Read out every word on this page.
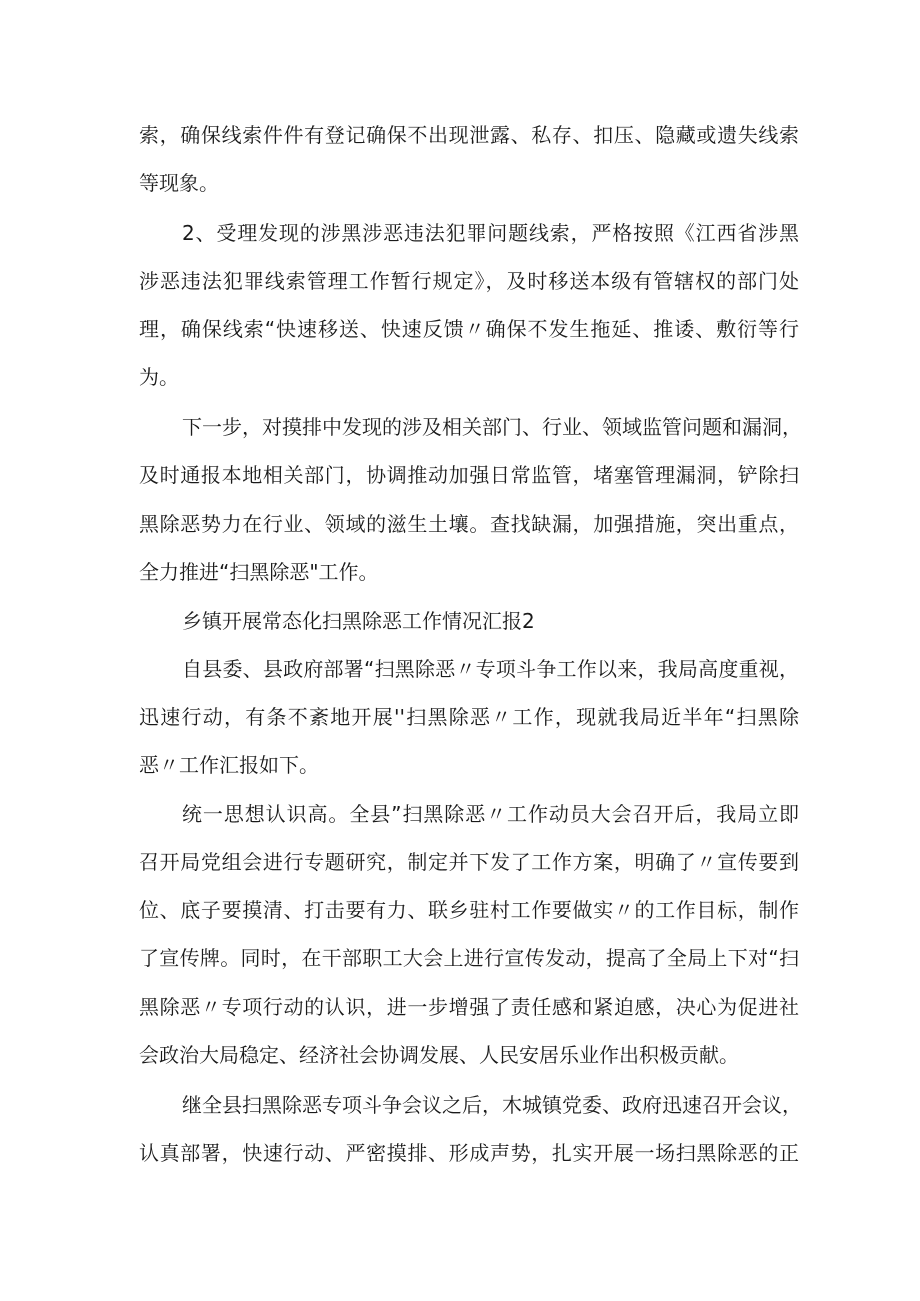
索，确保线索件件有登记确保不出现泄露、私存、扣压、隐藏或遗失线索
等现象。
2、受理发现的涉黑涉恶违法犯罪问题线索，严格按照《江西省涉黑
涉恶违法犯罪线索管理工作暂行规定》，及时移送本级有管辖权的部门处
理，确保线索“快速移送、快速反馈〃确保不发生拖延、推诿、敷衍等行
为。
下一步，对摸排中发现的涉及相关部门、行业、领域监管问题和漏洞，
及时通报本地相关部门，协调推动加强日常监管，堵塞管理漏洞，铲除扫
黑除恶势力在行业、领域的滋生土壤。查找缺漏，加强措施，突出重点，
全力推进“扫黑除恶"工作。
乡镇开展常态化扫黑除恶工作情况汇报2
自县委、县政府部署“扫黑除恶〃专项斗争工作以来，我局高度重视，
迅速行动，有条不紊地开展''扫黑除恶〃工作，现就我局近半年“扫黑除
恶〃工作汇报如下。
统一思想认识高。全县”扫黑除恶〃工作动员大会召开后，我局立即
召开局党组会进行专题研究，制定并下发了工作方案，明确了〃宣传要到
位、底子要摸清、打击要有力、联乡驻村工作要做实〃的工作目标，制作
了宣传牌。同时，在干部职工大会上进行宣传发动，提高了全局上下对“扫
黑除恶〃专项行动的认识，进一步增强了责任感和紧迫感，决心为促进社
会政治大局稳定、经济社会协调发展、人民安居乐业作出积极贡献。
继全县扫黑除恶专项斗争会议之后，木城镇党委、政府迅速召开会议，
认真部署，快速行动、严密摸排、形成声势，扎实开展一场扫黑除恶的正
